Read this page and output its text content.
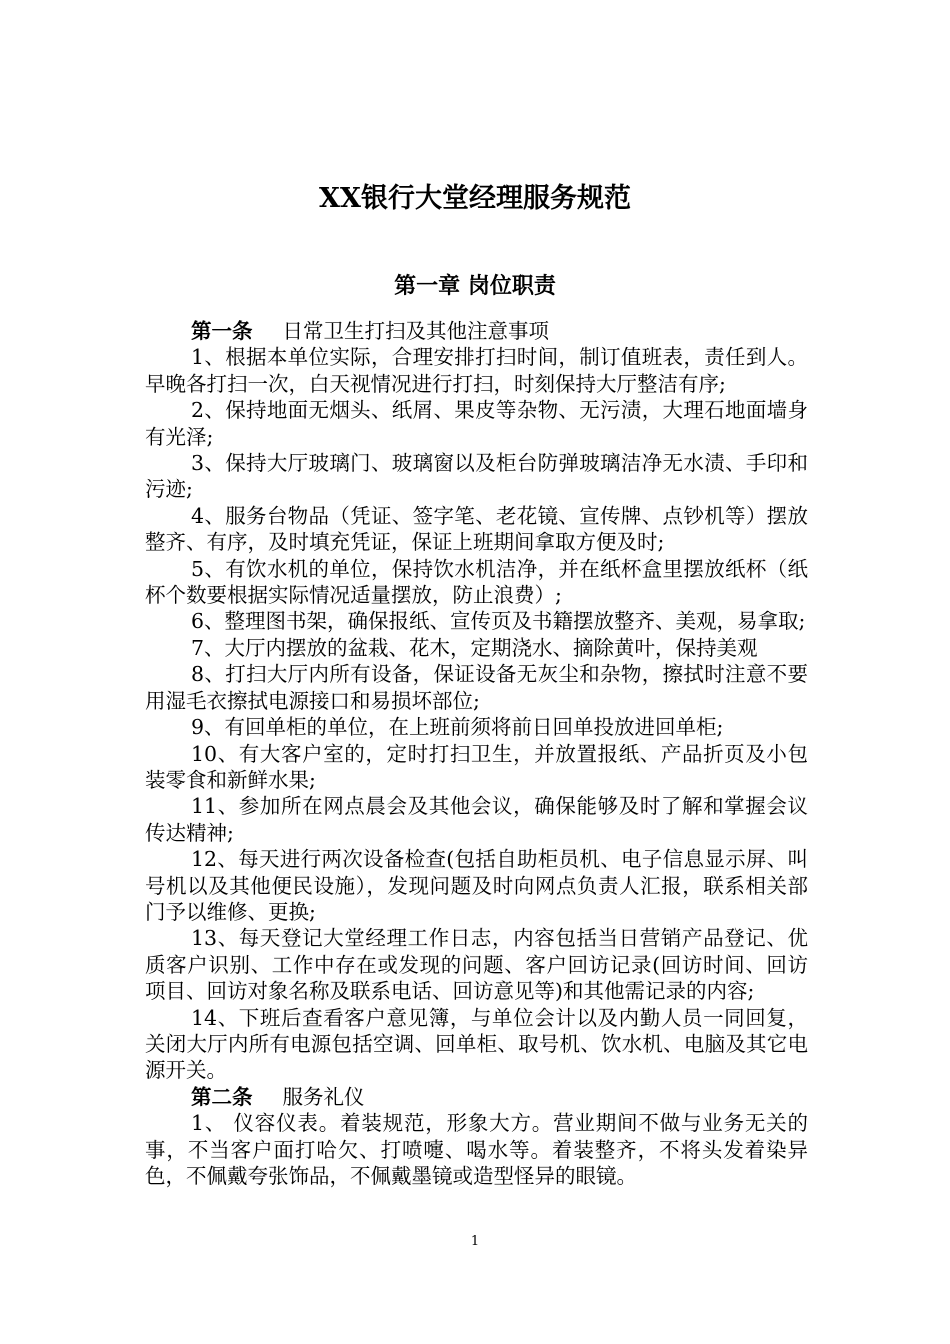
XX银行大堂经理服务规范
第一章 岗位职责

第一条 日常卫生打扫及其他注意事项

1、根据本单位实际，合理安排打扫时间，制订值班表，责任到人。早晚各打扫一次，白天视情况进行打扫，时刻保持大厅整洁有序;

2、保持地面无烟头、纸屑、果皮等杂物、无污渍，大理石地面墙身有光泽;

3、保持大厅玻璃门、玻璃窗以及柜台防弹玻璃洁净无水渍、手印和污迹;

4、服务台物品（凭证、签字笔、老花镜、宣传牌、点钞机等）摆放整齐、有序，及时填充凭证，保证上班期间拿取方便及时;

5、有饮水机的单位，保持饮水机洁净，并在纸杯盒里摆放纸杯（纸杯个数要根据实际情况适量摆放，防止浪费）;

6、整理图书架，确保报纸、宣传页及书籍摆放整齐、美观，易拿取;

7、大厅内摆放的盆栽、花木，定期浇水、摘除黄叶，保持美观

8、打扫大厅内所有设备，保证设备无灰尘和杂物，擦拭时注意不要用湿毛衣擦拭电源接口和易损坏部位;

9、有回单柜的单位，在上班前须将前日回单投放进回单柜;

10、有大客户室的，定时打扫卫生，并放置报纸、产品折页及小包装零食和新鲜水果;

11、参加所在网点晨会及其他会议，确保能够及时了解和掌握会议传达精神;

12、每天进行两次设备检查(包括自助柜员机、电子信息显示屏、叫号机以及其他便民设施），发现问题及时向网点负责人汇报，联系相关部门予以维修、更换;

13、每天登记大堂经理工作日志，内容包括当日营销产品登记、优质客户识别、工作中存在或发现的问题、客户回访记录(回访时间、回访项目、回访对象名称及联系电话、回访意见等)和其他需记录的内容;

14、下班后查看客户意见簿，与单位会计以及内勤人员一同回复，关闭大厅内所有电源包括空调、回单柜、取号机、饮水机、电脑及其它电源开关。

第二条 服务礼仪

1、 仪容仪表。着装规范，形象大方。营业期间不做与业务无关的事，不当客户面打哈欠、打喷嚏、喝水等。着装整齐，不将头发着染异色，不佩戴夸张饰品，不佩戴墨镜或造型怪异的眼镜。

1
